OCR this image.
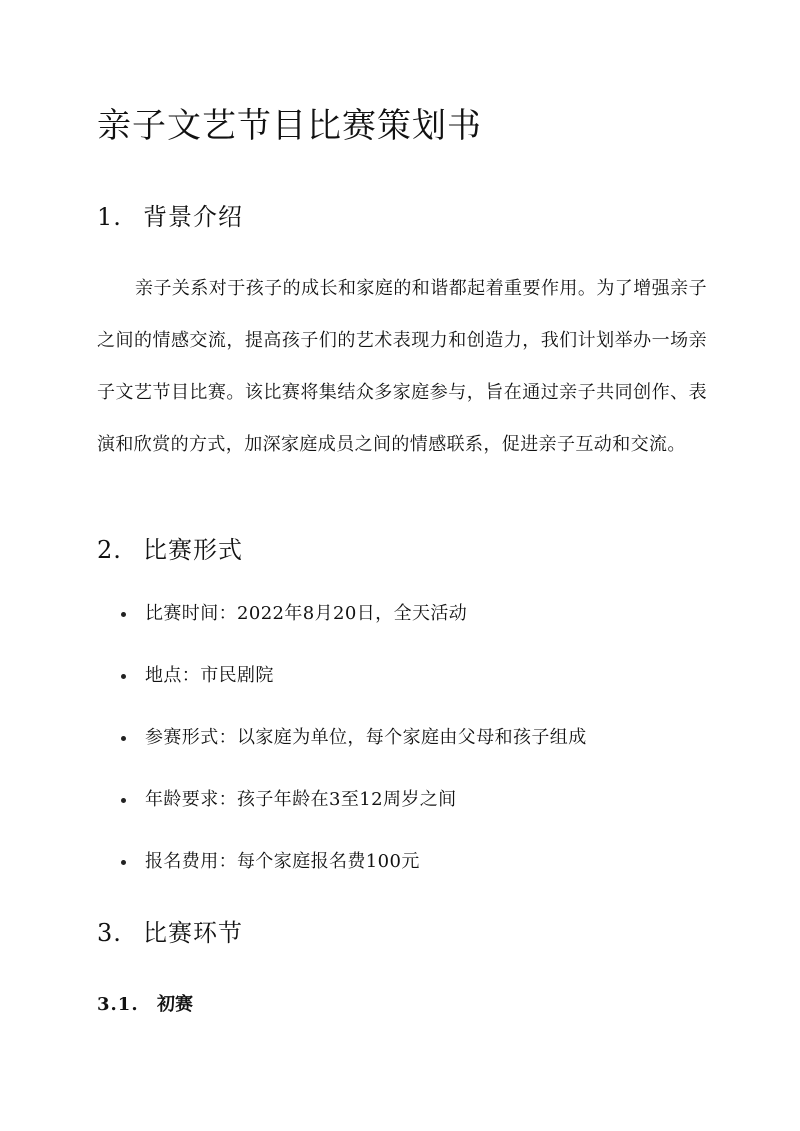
亲子文艺节目比赛策划书
1. 背景介绍

亲子关系对于孩子的成长和家庭的和谐都起着重要作用。为了增强亲子之间的情感交流，提高孩子们的艺术表现力和创造力，我们计划举办一场亲子文艺节目比赛。该比赛将集结众多家庭参与，旨在通过亲子共同创作、表演和欣赏的方式，加深家庭成员之间的情感联系，促进亲子互动和交流。

2. 比赛形式
比赛时间：2022年8月20日，全天活动
地点：市民剧院
参赛形式：以家庭为单位，每个家庭由父母和孩子组成
年龄要求：孩子年龄在3至12周岁之间
报名费用：每个家庭报名费100元
3. 比赛环节
3.1. 初赛
